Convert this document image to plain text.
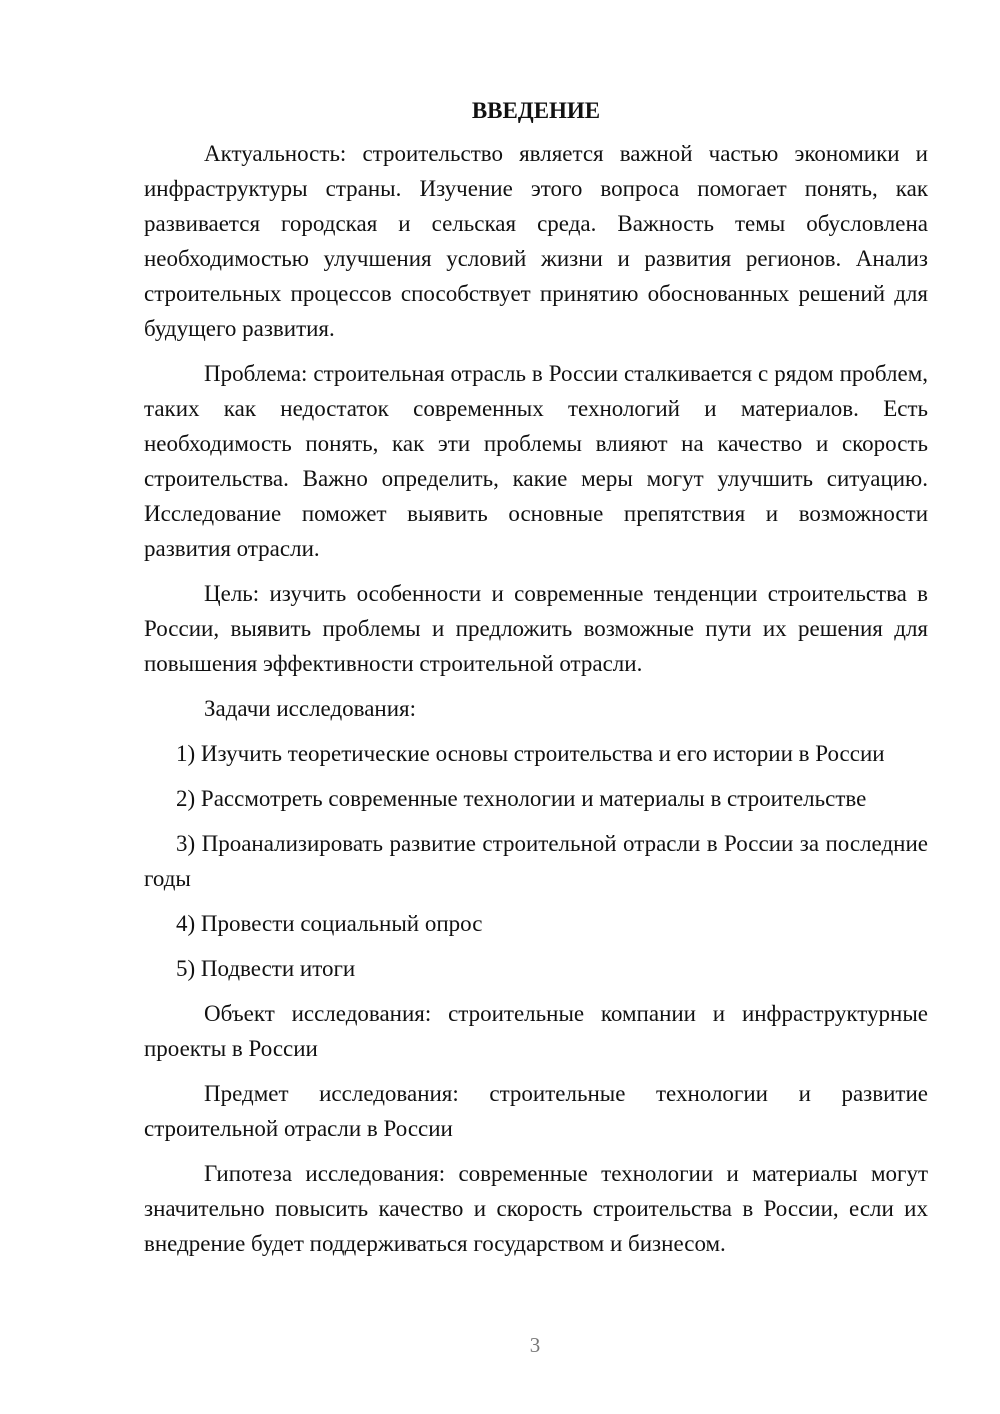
ВВЕДЕНИЕ

Актуальность: строительство является важной частью экономики и инфраструктуры страны. Изучение этого вопроса помогает понять, как развивается городская и сельская среда. Важность темы обусловлена необходимостью улучшения условий жизни и развития регионов. Анализ строительных процессов способствует принятию обоснованных решений для будущего развития.

Проблема: строительная отрасль в России сталкивается с рядом проблем, таких как недостаток современных технологий и материалов. Есть необходимость понять, как эти проблемы влияют на качество и скорость строительства. Важно определить, какие меры могут улучшить ситуацию. Исследование поможет выявить основные препятствия и возможности развития отрасли.

Цель: изучить особенности и современные тенденции строительства в России, выявить проблемы и предложить возможные пути их решения для повышения эффективности строительной отрасли.

Задачи исследования:

1) Изучить теоретические основы строительства и его истории в России

2) Рассмотреть современные технологии и материалы в строительстве

3) Проанализировать развитие строительной отрасли в России за последние годы

4) Провести социальный опрос

5) Подвести итоги

Объект исследования: строительные компании и инфраструктурные проекты в России

Предмет исследования: строительные технологии и развитие строительной отрасли в России

Гипотеза исследования: современные технологии и материалы могут значительно повысить качество и скорость строительства в России, если их внедрение будет поддерживаться государством и бизнесом.

3
